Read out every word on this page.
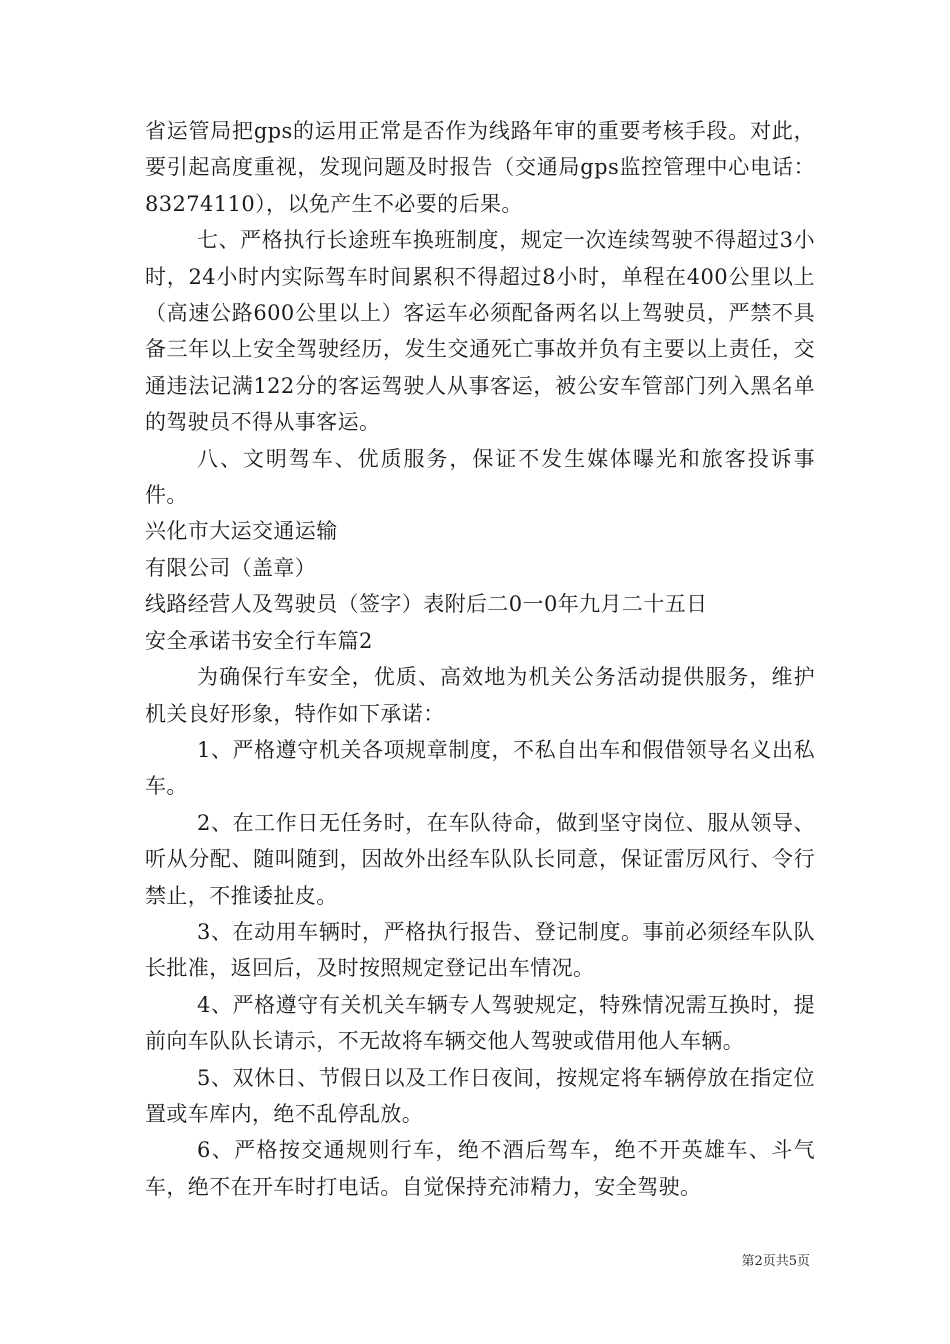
省运管局把gps的运用正常是否作为线路年审的重要考核手段。对此，要引起高度重视，发现问题及时报告（交通局gps监控管理中心电话：83274110），以免产生不必要的后果。

七、严格执行长途班车换班制度，规定一次连续驾驶不得超过3小时，24小时内实际驾车时间累积不得超过8小时，单程在400公里以上（高速公路600公里以上）客运车必须配备两名以上驾驶员，严禁不具备三年以上安全驾驶经历，发生交通死亡事故并负有主要以上责任，交通违法记满122分的客运驾驶人从事客运，被公安车管部门列入黑名单的驾驶员不得从事客运。

八、文明驾车、优质服务，保证不发生媒体曝光和旅客投诉事件。

兴化市大运交通运输

有限公司（盖章）

线路经营人及驾驶员（签字）表附后二0一0年九月二十五日

安全承诺书安全行车篇2

为确保行车安全，优质、高效地为机关公务活动提供服务，维护机关良好形象，特作如下承诺：

1、严格遵守机关各项规章制度，不私自出车和假借领导名义出私车。

2、在工作日无任务时，在车队待命，做到坚守岗位、服从领导、听从分配、随叫随到，因故外出经车队队长同意，保证雷厉风行、令行禁止，不推诿扯皮。

3、在动用车辆时，严格执行报告、登记制度。事前必须经车队队长批准，返回后，及时按照规定登记出车情况。

4、严格遵守有关机关车辆专人驾驶规定，特殊情况需互换时，提前向车队队长请示，不无故将车辆交他人驾驶或借用他人车辆。

5、双休日、节假日以及工作日夜间，按规定将车辆停放在指定位置或车库内，绝不乱停乱放。

6、严格按交通规则行车，绝不酒后驾车，绝不开英雄车、斗气车，绝不在开车时打电话。自觉保持充沛精力，安全驾驶。

第2页共5页
